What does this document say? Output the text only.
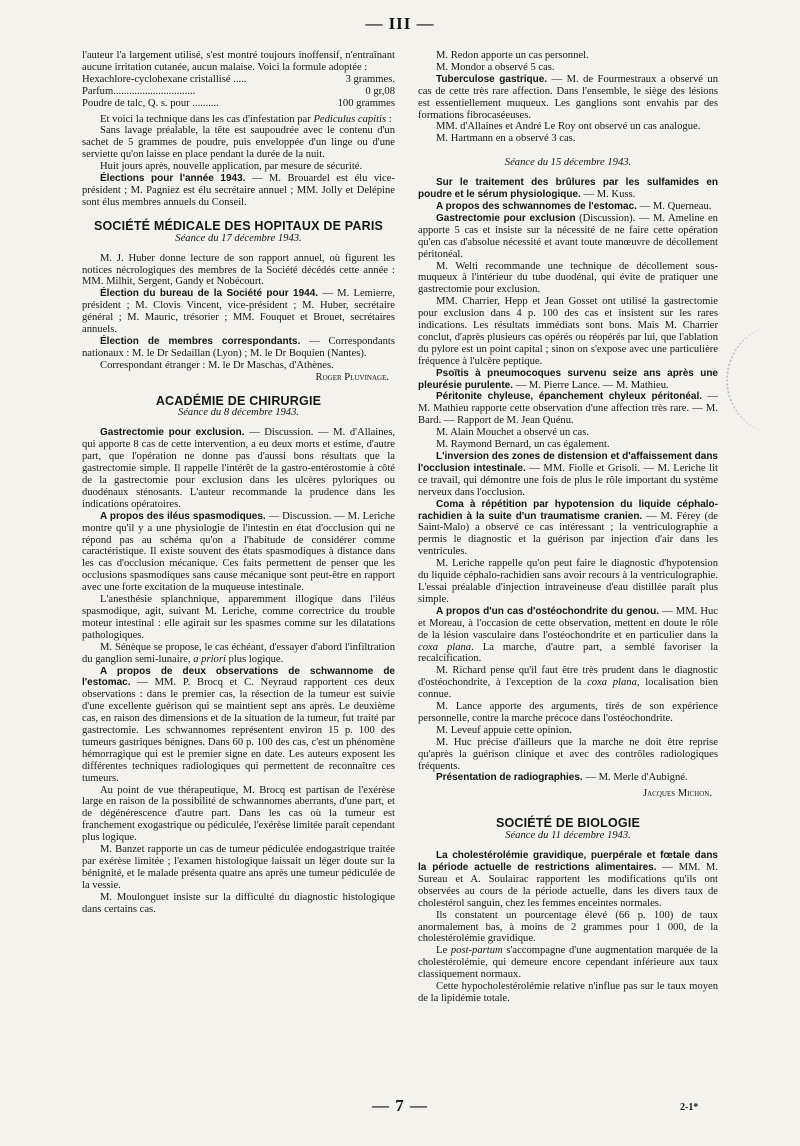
— III —

l'auteur l'a largement utilisé, s'est montré toujours inoffensif, n'entraînant aucune irritation cutanée, aucun malaise. Voici la formule adoptée :

Hexachlore-cyclohexane cristallisé .....	3 grammes.
Parfum...............................	0 gr,08
Poudre de talc, Q. s. pour ..........	100 grammes

Et voici la technique dans les cas d'infestation par Pediculus capitis :

Sans lavage préalable, la tête est saupoudrée avec le contenu d'un sachet de 5 grammes de poudre, puis enveloppée d'un linge ou d'une serviette qu'on laisse en place pendant la durée de la nuit.

Huit jours après, nouvelle application, par mesure de sécurité.

Élections pour l'année 1943. — M. Brouardel est élu vice-président ; M. Pagniez est élu secrétaire annuel ; MM. Jolly et Delépine sont élus membres annuels du Conseil.

SOCIÉTÉ MÉDICALE DES HOPITAUX DE PARIS
Séance du 17 décembre 1943.

M. J. Huber donne lecture de son rapport annuel, où figurent les notices nécrologiques des membres de la Société décédés cette année : MM. Milhit, Sergent, Gandy et Nobécourt.

Élection du bureau de la Société pour 1944. — M. Lemierre, président ; M. Clovis Vincent, vice-président ; M. Huber, secrétaire général ; M. Mauric, trésorier ; MM. Fouquet et Brouet, secrétaires annuels.

Élection de membres correspondants. — Correspondants nationaux : M. le Dr Sedaillan (Lyon) ; M. le Dr Boquien (Nantes).

Correspondant étranger : M. le Dr Maschas, d'Athènes.

Roger Pluvinage.
ACADÉMIE DE CHIRURGIE
Séance du 8 décembre 1943.

Gastrectomie pour exclusion. — Discussion. — M. d'Allaines, qui apporte 8 cas de cette intervention, a eu deux morts et estime, d'autre part, que l'opération ne donne pas d'aussi bons résultats que la gastrectomie simple. Il rappelle l'intérêt de la gastro-entérostomie à côté de la gastrectomie pour exclusion dans les ulcères pyloriques ou duodénaux sténosants. L'auteur recommande la prudence dans les indications opératoires.

A propos des iléus spasmodiques. — Discussion. — M. Leriche montre qu'il y a une physiologie de l'intestin en état d'occlusion qui ne répond pas au schéma qu'on a l'habitude de considérer comme caractéristique. Il existe souvent des états spasmodiques à distance dans les cas d'occlusion mécanique. Ces faits permettent de penser que les occlusions spasmodiques sans cause mécanique sont peut-être en rapport avec une forte excitation de la muqueuse intestinale.

L'anesthésie splanchnique, apparemment illogique dans l'iléus spasmodique, agit, suivant M. Leriche, comme correctrice du trouble moteur intestinal : elle agirait sur les spasmes comme sur les dilatations pathologiques.

M. Sénèque se propose, le cas échéant, d'essayer d'abord l'infiltration du ganglion semi-lunaire, a priori plus logique.

A propos de deux observations de schwannome de l'estomac. — MM. P. Brocq et C. Neyraud rapportent ces deux observations : dans le premier cas, la résection de la tumeur est suivie d'une excellente guérison qui se maintient sept ans après. Le deuxième cas, en raison des dimensions et de la situation de la tumeur, fut traité par gastrectomie. Les schwannomes représentent environ 15 p. 100 des tumeurs gastriques bénignes. Dans 60 p. 100 des cas, c'est un phénomène hémorragique qui est le premier signe en date. Les auteurs exposent les différentes techniques radiologiques qui permettent de reconnaître ces tumeurs.

Au point de vue thérapeutique, M. Brocq est partisan de l'exérèse large en raison de la possibilité de schwannomes aberrants, d'une part, et de dégénérescence d'autre part. Dans les cas où la tumeur est franchement exogastrique ou pédiculée, l'exérèse limitée paraît cependant plus logique.

M. Banzet rapporte un cas de tumeur pédiculée endogastrique traitée par exérèse limitée ; l'examen histologique laissait un léger doute sur la bénignité, et le malade présenta quatre ans après une tumeur pédiculée de la vessie.

M. Moulonguet insiste sur la difficulté du diagnostic histologique dans certains cas.

M. Redon apporte un cas personnel.

M. Mondor a observé 5 cas.

Tuberculose gastrique. — M. de Fourmestraux a observé un cas de cette très rare affection. Dans l'ensemble, le siège des lésions est essentiellement muqueux. Les ganglions sont envahis par des formations fibrocaséeuses.

MM. d'Allaines et André Le Roy ont observé un cas analogue.

M. Hartmann en a observé 3 cas.

Séance du 15 décembre 1943.

Sur le traitement des brûlures par les sulfamides en poudre et le sérum physiologique. — M. Kuss.

A propos des schwannomes de l'estomac. — M. Querneau.

Gastrectomie pour exclusion (Discussion). — M. Ameline en apporte 5 cas et insiste sur la nécessité de ne faire cette opération qu'en cas d'absolue nécessité et avant toute manœuvre de décollement péritonéal.

M. Welti recommande une technique de décollement sous-muqueux à l'intérieur du tube duodénal, qui évite de pratiquer une gastrectomie pour exclusion.

MM. Charrier, Hepp et Jean Gosset ont utilisé la gastrectomie pour exclusion dans 4 p. 100 des cas et insistent sur les rares indications. Les résultats immédiats sont bons. Mais M. Charrier conclut, d'après plusieurs cas opérés ou réopérés par lui, que l'ablation du pylore est un point capital ; sinon on s'expose avec une particulière fréquence à l'ulcère peptique.

Psoïtis à pneumocoques survenu seize ans après une pleurésie purulente. — M. Pierre Lance. — M. Mathieu.

Péritonite chyleuse, épanchement chyleux péritonéal. — M. Mathieu rapporte cette observation d'une affection très rare. — M. Bard. — Rapport de M. Jean Quénu.

M. Alain Mouchet a observé un cas.

M. Raymond Bernard, un cas également.

L'inversion des zones de distension et d'affaissement dans l'occlusion intestinale. — MM. Fiolle et Grisoli. — M. Leriche lit ce travail, qui démontre une fois de plus le rôle important du système nerveux dans l'occlusion.

Coma à répétition par hypotension du liquide céphalo-rachidien à la suite d'un traumatisme cranien. — M. Férey (de Saint-Malo) a observé ce cas intéressant ; la ventriculographie a permis le diagnostic et la guérison par injection d'air dans les ventricules.

M. Leriche rappelle qu'on peut faire le diagnostic d'hypotension du liquide céphalo-rachidien sans avoir recours à la ventriculographie. L'essai préalable d'injection intraveineuse d'eau distillée paraît plus simple.

A propos d'un cas d'ostéochondrite du genou. — MM. Huc et Moreau, à l'occasion de cette observation, mettent en doute le rôle de la lésion vasculaire dans l'ostéochondrite et en particulier dans la coxa plana. La marche, d'autre part, a semblé favoriser la recalcification.

M. Richard pense qu'il faut être très prudent dans le diagnostic d'ostéochondrite, à l'exception de la coxa plana, localisation bien connue.

M. Lance apporte des arguments, tirés de son expérience personnelle, contre la marche précoce dans l'ostéochondrite.

M. Leveuf appuie cette opinion.

M. Huc précise d'ailleurs que la marche ne doit être reprise qu'après la guérison clinique et avec des contrôles radiologiques fréquents.

Présentation de radiographies. — M. Merle d'Aubigné.

Jacques Michon.
SOCIÉTÉ DE BIOLOGIE
Séance du 11 décembre 1943.

La cholestérolémie gravidique, puerpérale et fœtale dans la période actuelle de restrictions alimentaires. — MM. M. Sureau et A. Soulairac rapportent les modifications qu'ils ont observées au cours de la période actuelle, dans les divers taux de cholestérol sanguin, chez les femmes enceintes normales.

Ils constatent un pourcentage élevé (66 p. 100) de taux anormalement bas, à moins de 2 grammes pour 1 000, de la cholestérolémie gravidique.

Le post-partum s'accompagne d'une augmentation marquée de la cholestérolémie, qui demeure encore cependant inférieure aux taux classiquement normaux.

Cette hypocholestérolémie relative n'influe pas sur le taux moyen de la lipidémie totale.

— 7 —	2-1*
